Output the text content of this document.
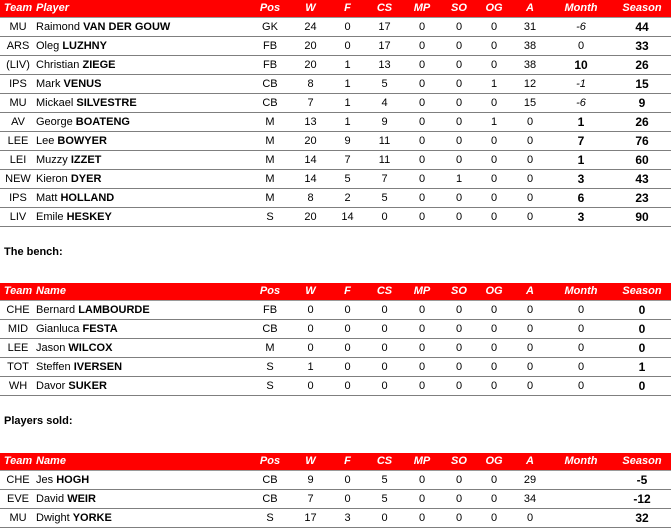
Team	Player	Pos	W	F	CS	MP	SO	OG	A	Month	Season
MU	Raimond VAN DER GOUW	GK	24	0	17	0	0	0	31	-6	44
ARS	Oleg LUZHNY	FB	20	0	17	0	0	0	38	0	33
(LIV)	Christian ZIEGE	FB	20	1	13	0	0	0	38	10	26
IPS	Mark VENUS	CB	8	1	5	0	0	1	12	-1	15
MU	Mickael SILVESTRE	CB	7	1	4	0	0	0	15	-6	9
AV	George BOATENG	M	13	1	9	0	0	1	0	1	26
LEE	Lee BOWYER	M	20	9	11	0	0	0	0	7	76
LEI	Muzzy IZZET	M	14	7	11	0	0	0	0	1	60
NEW	Kieron DYER	M	14	5	7	0	1	0	0	3	43
IPS	Matt HOLLAND	M	8	2	5	0	0	0	0	6	23
LIV	Emile HESKEY	S	20	14	0	0	0	0	0	3	90
The bench:
Team	Name	Pos	W	F	CS	MP	SO	OG	A	Month	Season
CHE	Bernard LAMBOURDE	FB	0	0	0	0	0	0	0	0	0
MID	Gianluca FESTA	CB	0	0	0	0	0	0	0	0	0
LEE	Jason WILCOX	M	0	0	0	0	0	0	0	0	0
TOT	Steffen IVERSEN	S	1	0	0	0	0	0	0	0	1
WH	Davor SUKER	S	0	0	0	0	0	0	0	0	0
Players sold:
Team	Name	Pos	W	F	CS	MP	SO	OG	A	Month	Season
CHE	Jes HOGH	CB	9	0	5	0	0	0	29		-5
EVE	David WEIR	CB	7	0	5	0	0	0	34		-12
MU	Dwight YORKE	S	17	3	0	0	0	0	0		32
